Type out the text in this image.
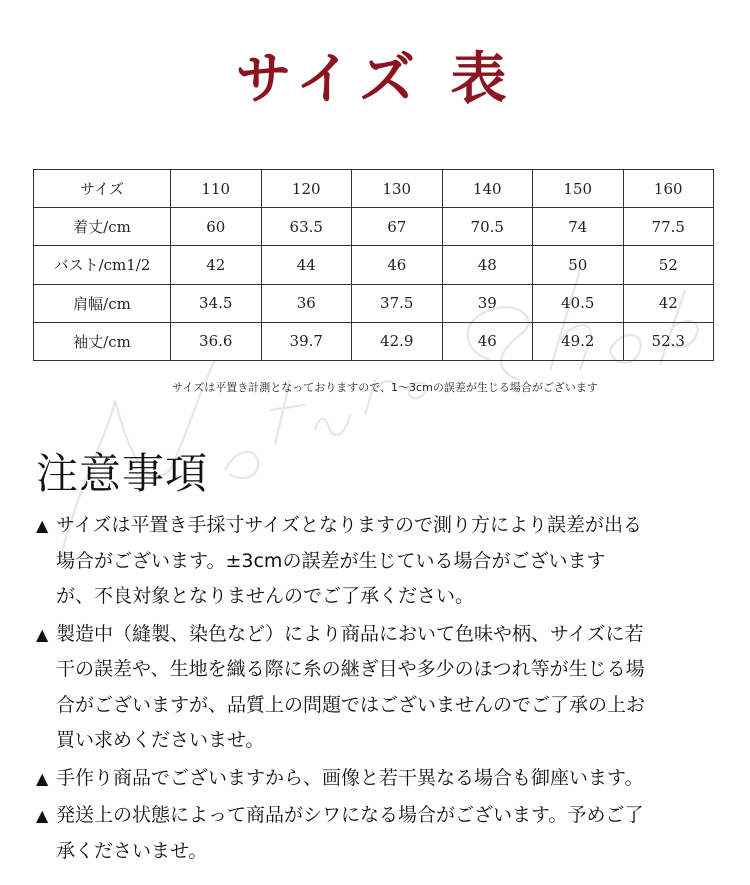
サイズ 表
サイズ	110	120	130	140	150	160
着丈/cm	60	63.5	67	70.5	74	77.5
バスト/cm1/2	42	44	46	48	50	52
肩幅/cm	34.5	36	37.5	39	40.5	42
袖丈/cm	36.6	39.7	42.9	46	49.2	52.3
サイズは平置き計測となっておりますので、1〜3cmの誤差が生じる場合がございます
注意事項
▲ サイズは平置き手採寸サイズとなりますので測り方により誤差が出る
場合がございます。±3cmの誤差が生じている場合がございます
が、不良対象となりませんのでご了承ください。
▲ 製造中（縫製、染色など）により商品において色味や柄、サイズに若
干の誤差や、生地を織る際に糸の継ぎ目や多少のほつれ等が生じる場
合がございますが、品質上の問題ではございませんのでご了承の上お
買い求めくださいませ。
▲ 手作り商品でございますから、画像と若干異なる場合も御座います。
▲ 発送上の状態によって商品がシワになる場合がございます。予めご了
承くださいませ。
